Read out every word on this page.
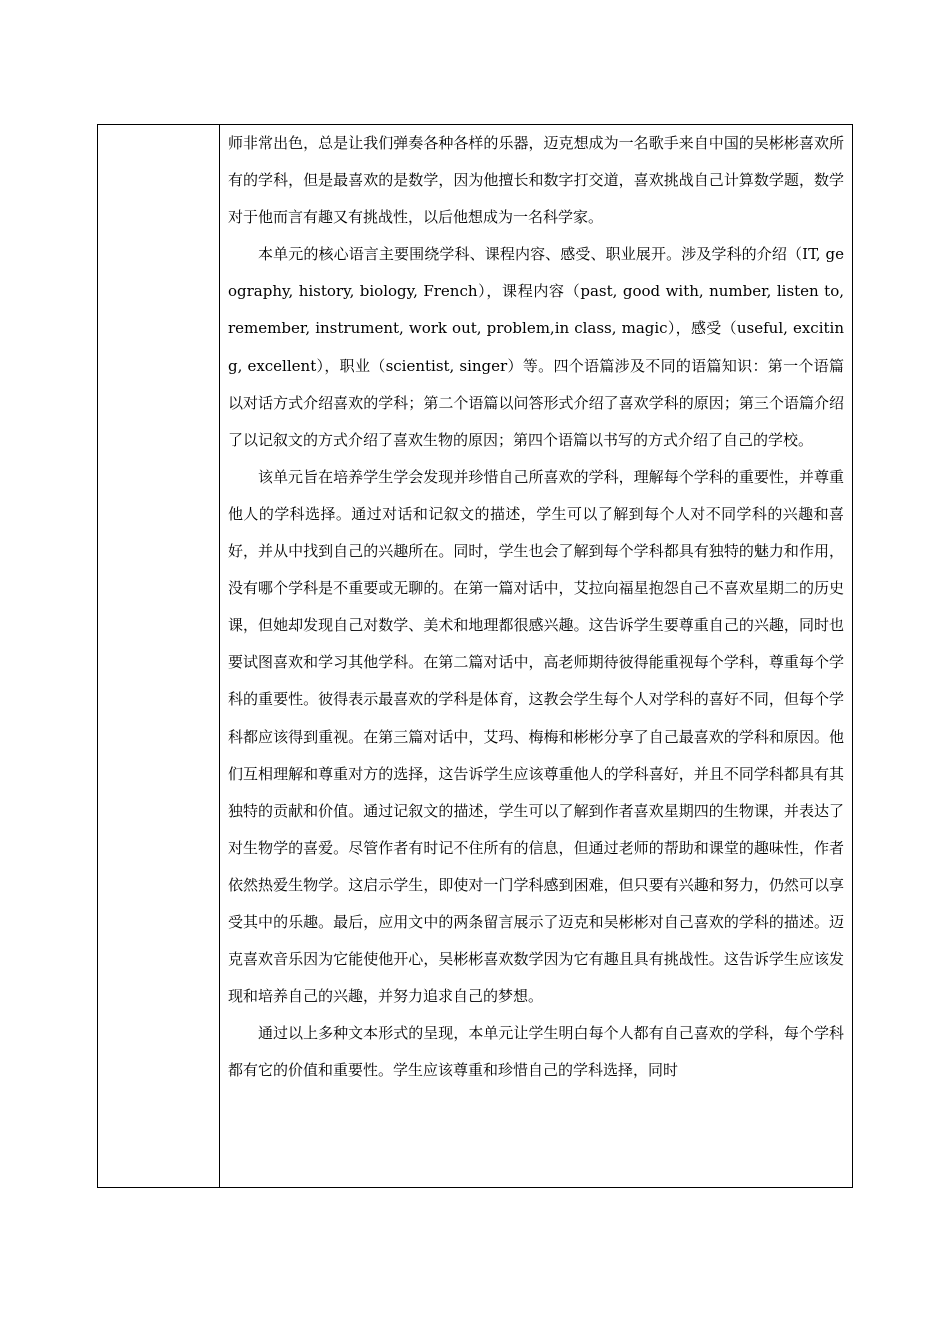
师非常出色，总是让我们弹奏各种各样的乐器，迈克想成为一名歌手来自中国的吴彬彬喜欢所有的学科，但是最喜欢的是数学，因为他擅长和数字打交道，喜欢挑战自己计算数学题，数学对于他而言有趣又有挑战性，以后他想成为一名科学家。

本单元的核心语言主要围绕学科、课程内容、感受、职业展开。涉及学科的介绍（IT, geography, history, biology, French），课程内容（past, good with, number, listen to, remember, instrument, work out, problem,in class, magic），感受（useful, exciting, excellent），职业（scientist, singer）等。四个语篇涉及不同的语篇知识：第一个语篇以对话方式介绍喜欢的学科；第二个语篇以问答形式介绍了喜欢学科的原因；第三个语篇介绍了以记叙文的方式介绍了喜欢生物的原因；第四个语篇以书写的方式介绍了自己的学校。

该单元旨在培养学生学会发现并珍惜自己所喜欢的学科，理解每个学科的重要性，并尊重他人的学科选择。通过对话和记叙文的描述，学生可以了解到每个人对不同学科的兴趣和喜好，并从中找到自己的兴趣所在。同时，学生也会了解到每个学科都具有独特的魅力和作用，没有哪个学科是不重要或无聊的。在第一篇对话中，艾拉向福星抱怨自己不喜欢星期二的历史课，但她却发现自己对数学、美术和地理都很感兴趣。这告诉学生要尊重自己的兴趣，同时也要试图喜欢和学习其他学科。在第二篇对话中，高老师期待彼得能重视每个学科，尊重每个学科的重要性。彼得表示最喜欢的学科是体育，这教会学生每个人对学科的喜好不同，但每个学科都应该得到重视。在第三篇对话中，艾玛、梅梅和彬彬分享了自己最喜欢的学科和原因。他们互相理解和尊重对方的选择，这告诉学生应该尊重他人的学科喜好，并且不同学科都具有其独特的贡献和价值。通过记叙文的描述，学生可以了解到作者喜欢星期四的生物课，并表达了对生物学的喜爱。尽管作者有时记不住所有的信息，但通过老师的帮助和课堂的趣味性，作者依然热爱生物学。这启示学生，即使对一门学科感到困难，但只要有兴趣和努力，仍然可以享受其中的乐趣。最后，应用文中的两条留言展示了迈克和吴彬彬对自己喜欢的学科的描述。迈克喜欢音乐因为它能使他开心，吴彬彬喜欢数学因为它有趣且具有挑战性。这告诉学生应该发现和培养自己的兴趣，并努力追求自己的梦想。

通过以上多种文本形式的呈现，本单元让学生明白每个人都有自己喜欢的学科，每个学科都有它的价值和重要性。学生应该尊重和珍惜自己的学科选择，同时
